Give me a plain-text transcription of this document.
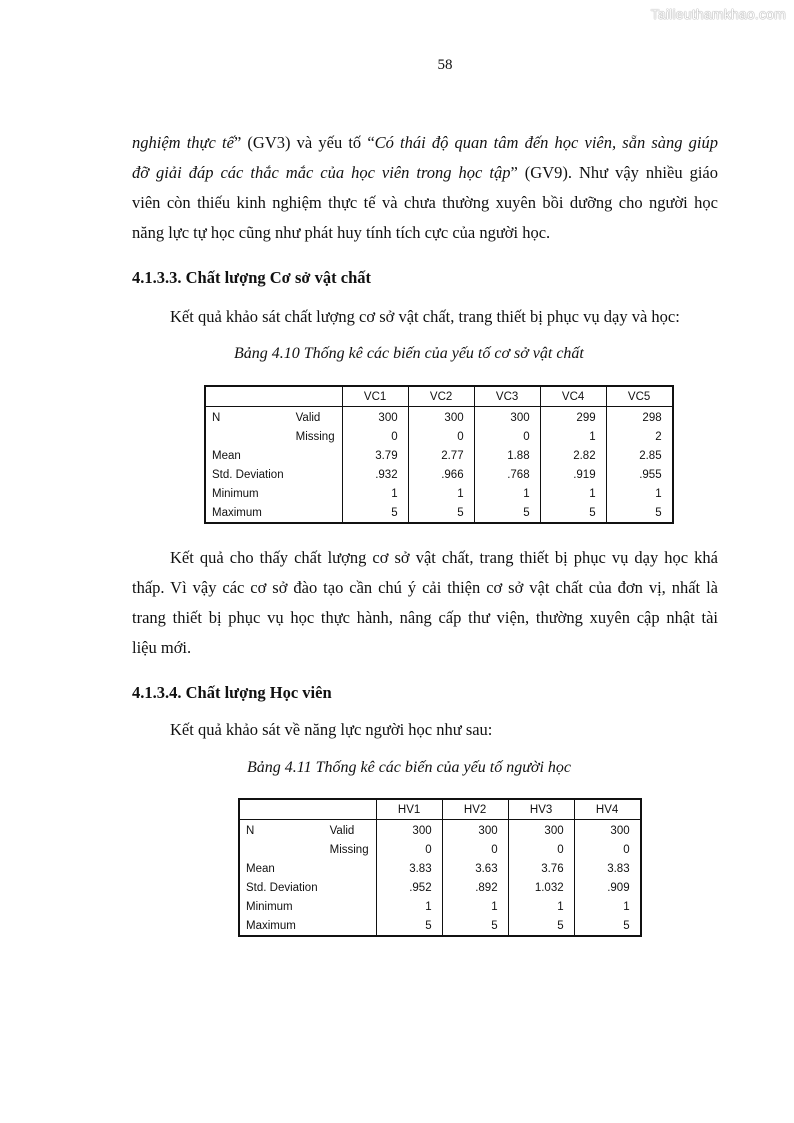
Tailieuthamkhao.com
58
nghiệm thực tế” (GV3) và yếu tố “Có thái độ quan tâm đến học viên, sẵn sàng giúp
đỡ giải đáp các thắc mắc của học viên trong học tập” (GV9). Như vậy nhiều giáo
viên còn thiếu kinh nghiệm thực tế và chưa thường xuyên bồi dưỡng cho người học
năng lực tự học cũng như phát huy tính tích cực của người học.
4.1.3.3. Chất lượng Cơ sở vật chất
Kết quả khảo sát chất lượng cơ sở vật chất, trang thiết bị phục vụ dạy và học:
Bảng 4.10 Thống kê các biến của yếu tố cơ sở vật chất
		VC1	VC2	VC3	VC4	VC5
N	Valid	300	300	300	299	298
	Missing	0	0	0	1	2
Mean		3.79	2.77	1.88	2.82	2.85
Std. Deviation		.932	.966	.768	.919	.955
Minimum		1	1	1	1	1
Maximum		5	5	5	5	5
Kết quả cho thấy chất lượng cơ sở vật chất, trang thiết bị phục vụ dạy học khá
thấp. Vì vậy các cơ sở đào tạo cần chú ý cải thiện cơ sở vật chất của đơn vị, nhất là
trang thiết bị phục vụ học thực hành, nâng cấp thư viện, thường xuyên cập nhật tài
liệu mới.
4.1.3.4. Chất lượng Học viên
Kết quả khảo sát về năng lực người học như sau:
Bảng 4.11 Thống kê các biến của yếu tố người học
		HV1	HV2	HV3	HV4
N	Valid	300	300	300	300
	Missing	0	0	0	0
Mean		3.83	3.63	3.76	3.83
Std. Deviation		.952	.892	1.032	.909
Minimum		1	1	1	1
Maximum		5	5	5	5
